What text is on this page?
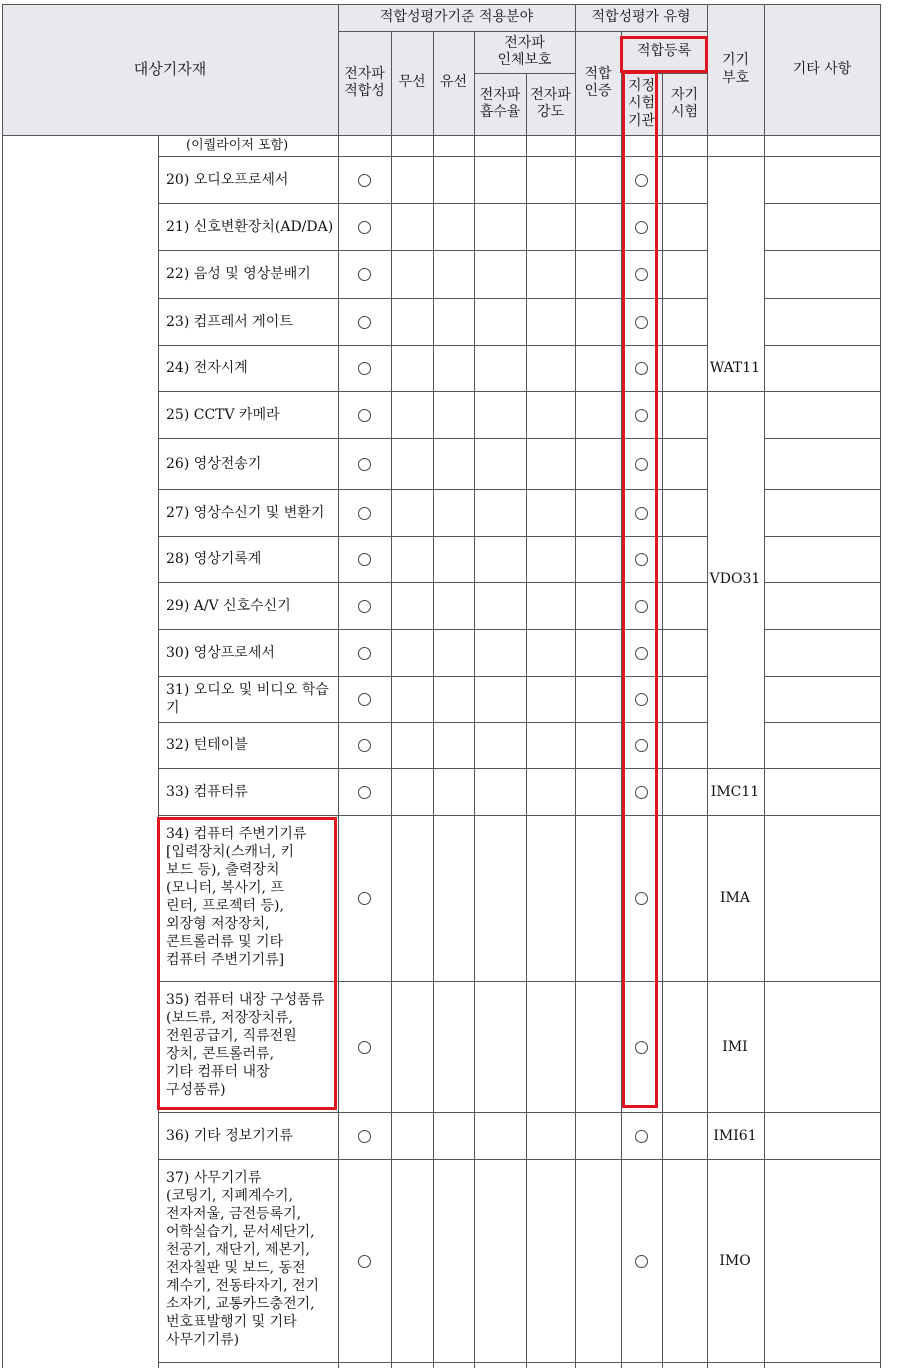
대상기자재
적합성평가기준 적용분야	적합성평가 유형
전자파
적합성
무선	유선
전자파
인체보호
전자파
흡수율
전자파
강도
적합
인증
적합등록
지정
시험
기관
자기
시험
기기
부호
기타 사항
(이퀄라이저 포함)
20) 오디오프로세서
21) 신호변환장치(AD/DA)
22) 음성 및 영상분배기
23) 컴프레서 게이트
24) 전자시계
25) CCTV 카메라
26) 영상전송기
27) 영상수신기 및 변환기
28) 영상기록계
29) A/V 신호수신기
30) 영상프로세서
31) 오디오 및 비디오 학습기
32) 턴테이블
33) 컴퓨터류
34) 컴퓨터 주변기기류
[입력장치(스캐너, 키
보드 등), 출력장치
(모니터, 복사기, 프
린터, 프로젝터 등),
외장형 저장장치,
콘트롤러류 및 기타
컴퓨터 주변기기류]
35) 컴퓨터 내장 구성품류
(보드류, 저장장치류,
전원공급기, 직류전원
장치, 콘트롤러류,
기타 컴퓨터 내장
구성품류)
36) 기타 정보기기류
37) 사무기기류
(코팅기, 지폐계수기,
전자저울, 금전등록기,
어학실습기, 문서세단기,
천공기, 재단기, 제본기,
전자칠판 및 보드, 동전
계수기, 전동타자기, 전기
소자기, 교통카드충전기,
번호표발행기 및 기타
사무기기류)
WAT11
VDO31
IMC11
IMA
IMI
IMI61
IMO
